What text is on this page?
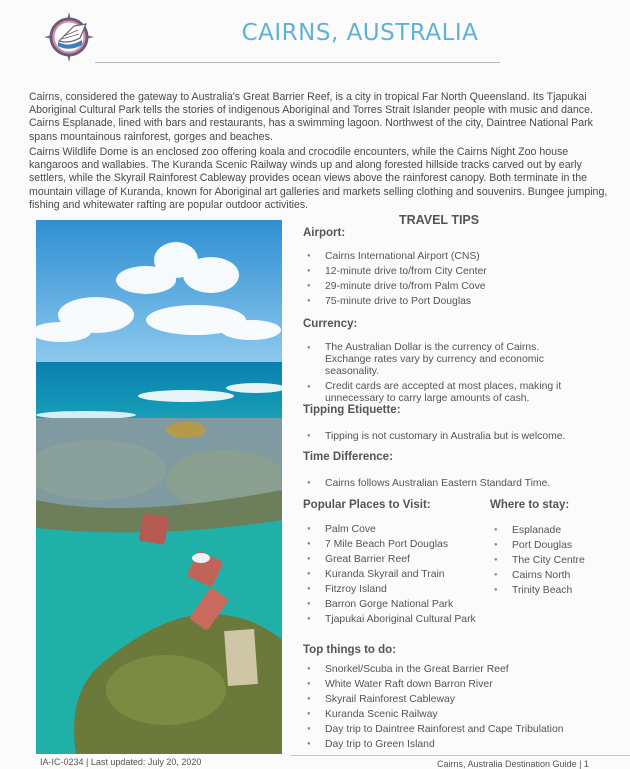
CAIRNS, AUSTRALIA

Cairns, considered the gateway to Australia's Great Barrier Reef, is a city in tropical Far North Queensland. Its Tjapukai Aboriginal Cultural Park tells the stories of indigenous Aboriginal and Torres Strait Islander people with music and dance. Cairns Esplanade, lined with bars and restaurants, has a swimming lagoon. Northwest of the city, Daintree National Park spans mountainous rainforest, gorges and beaches.

Cairns Wildlife Dome is an enclosed zoo offering koala and crocodile encounters, while the Cairns Night Zoo house kangaroos and wallabies. The Kuranda Scenic Railway winds up and along forested hillside tracks carved out by early settlers, while the Skyrail Rainforest Cableway provides ocean views above the rainforest canopy. Both terminate in the mountain village of Kuranda, known for Aboriginal art galleries and markets selling clothing and souvenirs. Bungee jumping, fishing and whitewater rafting are popular outdoor activities.

TRAVEL TIPS
Airport:
● Cairns International Airport (CNS)
● 12-minute drive to/from City Center
● 29-minute drive to/from Palm Cove
● 75-minute drive to Port Douglas
Currency:
● The Australian Dollar is the currency of Cairns. Exchange rates vary by currency and economic seasonality.
● Credit cards are accepted at most places, making it unnecessary to carry large amounts of cash.
Tipping Etiquette:
● Tipping is not customary in Australia but is welcome.
Time Difference:
● Cairns follows Australian Eastern Standard Time.
Popular Places to Visit:
● Palm Cove
● 7 Mile Beach Port Douglas
● Great Barrier Reef
● Kuranda Skyrail and Train
● Fitzroy Island
● Barron Gorge National Park
● Tjapukai Aboriginal Cultural Park
Where to stay:
● Esplanade
● Port Douglas
● The City Centre
● Cairns North
● Trinity Beach
Top things to do:
● Snorkel/Scuba in the Great Barrier Reef
● White Water Raft down Barron River
● Skyrail Rainforest Cableway
● Kuranda Scenic Railway
● Day trip to Daintree Rainforest and Cape Tribulation
● Day trip to Green Island
IA-IC-0234 | Last updated: July 20, 2020	Cairns, Australia Destination Guide | 1
